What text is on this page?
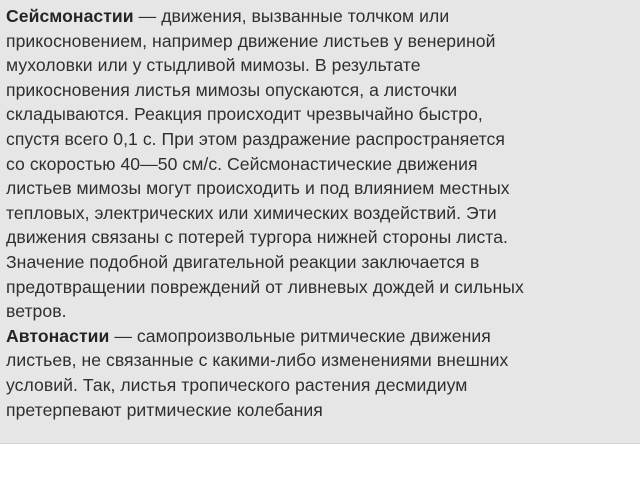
Сейсмонастии — движения, вызванные толчком или
прикосновением, например движение листьев у венериной
мухоловки или у стыдливой мимозы. В результате
прикосновения листья мимозы опускаются, а листочки
складываются. Реакция происходит чрезвычайно быстро,
спустя всего 0,1 с. При этом раздражение распространяется
со скоростью 40—50 см/с. Сейсмонастические движения
листьев мимозы могут происходить и под влиянием местных
тепловых, электрических или химических воздействий. Эти
движения связаны с потерей тургора нижней стороны листа.
Значение подобной двигательной реакции заключается в
предотвращении повреждений от ливневых дождей и сильных
ветров.
Автонастии — самопроизвольные ритмические движения
листьев, не связанные с какими-либо изменениями внешних
условий. Так, листья тропического растения десмидиум
претерпевают ритмические колебания
